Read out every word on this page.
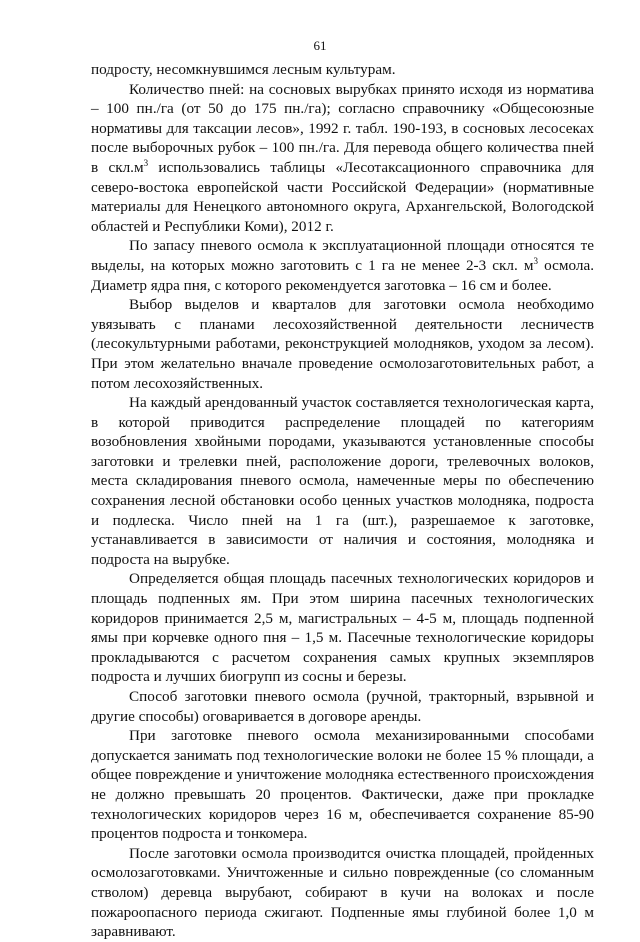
61

подросту, несомкнувшимся лесным культурам.

Количество пней: на сосновых вырубках принято исходя из норматива – 100 пн./га (от 50 до 175 пн./га); согласно справочнику «Общесоюзные нормативы для таксации лесов», 1992 г. табл. 190-193, в сосновых лесосеках после выборочных рубок – 100 пн./га. Для перевода общего количества пней в $скл.м^3$ использовались таблицы «Лесотаксационного справочника для северо-востока европейской части Российской Федерации» (нормативные материалы для Ненецкого автономного округа, Архангельской, Вологодской областей и Республики Коми), 2012 г.

По запасу пневого осмола к эксплуатационной площади относятся те выделы, на которых можно заготовить с 1 га не менее 2-3 скл. $м^3$ осмола. Диаметр ядра пня, с которого рекомендуется заготовка – 16 см и более.

Выбор выделов и кварталов для заготовки осмола необходимо увязывать с планами лесохозяйственной деятельности лесничеств (лесокультурными работами, реконструкцией молодняков, уходом за лесом). При этом желательно вначале проведение осмолозаготовительных работ, а потом лесохозяйственных.

На каждый арендованный участок составляется технологическая карта, в которой приводится распределение площадей по категориям возобновления хвойными породами, указываются установленные способы заготовки и трелевки пней, расположение дороги, трелевочных волоков, места складирования пневого осмола, намеченные меры по обеспечению сохранения лесной обстановки особо ценных участков молодняка, подроста и подлеска. Число пней на 1 га (шт.), разрешаемое к заготовке, устанавливается в зависимости от наличия и состояния, молодняка и подроста на вырубке.

Определяется общая площадь пасечных технологических коридоров и площадь подпенных ям. При этом ширина пасечных технологических коридоров принимается 2,5 м, магистральных – 4-5 м, площадь подпенной ямы при корчевке одного пня – 1,5 м. Пасечные технологические коридоры прокладываются с расчетом сохранения самых крупных экземпляров подроста и лучших биогрупп из сосны и березы.

Способ заготовки пневого осмола (ручной, тракторный, взрывной и другие способы) оговаривается в договоре аренды.

При заготовке пневого осмола механизированными способами допускается занимать под технологические волоки не более 15 % площади, а общее повреждение и уничтожение молодняка естественного происхождения не должно превышать 20 процентов. Фактически, даже при прокладке технологических коридоров через 16 м, обеспечивается сохранение 85-90 процентов подроста и тонкомера.

После заготовки осмола производится очистка площадей, пройденных осмолозаготовками. Уничтоженные и сильно поврежденные (со сломанным стволом) деревца вырубают, собирают в кучи на волоках и после пожароопасного периода сжигают. Подпенные ямы глубиной более 1,0 м заравнивают.
